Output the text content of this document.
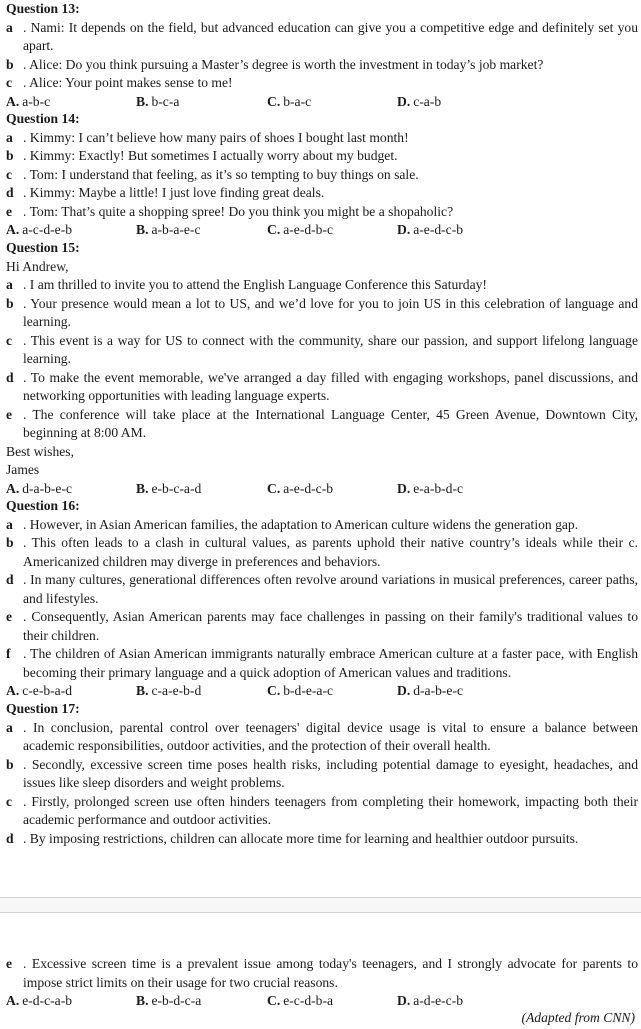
Question 13:
a . Nami: It depends on the field, but advanced education can give you a competitive edge and definitely set you apart.
b . Alice: Do you think pursuing a Master’s degree is worth the investment in today’s job market?
c . Alice: Your point makes sense to me!
A. a-b-c	B. b-c-a	C. b-a-c	D. c-a-b
Question 14:
a . Kimmy: I can’t believe how many pairs of shoes I bought last month!
b . Kimmy: Exactly! But sometimes I actually worry about my budget.
c . Tom: I understand that feeling, as it’s so tempting to buy things on sale.
d . Kimmy: Maybe a little! I just love finding great deals.
e . Tom: That’s quite a shopping spree! Do you think you might be a shopaholic?
A. a-c-d-e-b	B. a-b-a-e-c	C. a-e-d-b-c	D. a-e-d-c-b
Question 15:
Hi Andrew,
a . I am thrilled to invite you to attend the English Language Conference this Saturday!
b . Your presence would mean a lot to US, and we’d love for you to join US in this celebration of language and learning.
c . This event is a way for US to connect with the community, share our passion, and support lifelong language learning.
d . To make the event memorable, we've arranged a day filled with engaging workshops, panel discussions, and networking opportunities with leading language experts.
e . The conference will take place at the International Language Center, 45 Green Avenue, Downtown City, beginning at 8:00 AM.
Best wishes,
James
A. d-a-b-e-c	B. e-b-c-a-d	C. a-e-d-c-b	D. e-a-b-d-c
Question 16:
a . However, in Asian American families, the adaptation to American culture widens the generation gap.
b . This often leads to a clash in cultural values, as parents uphold their native country’s ideals while their c. Americanized children may diverge in preferences and behaviors.
d . In many cultures, generational differences often revolve around variations in musical preferences, career paths, and lifestyles.
e . Consequently, Asian American parents may face challenges in passing on their family's traditional values to their children.
f . The children of Asian American immigrants naturally embrace American culture at a faster pace, with English becoming their primary language and a quick adoption of American values and traditions.
A. c-e-b-a-d	B. c-a-e-b-d	C. b-d-e-a-c	D. d-a-b-e-c
Question 17:
a . In conclusion, parental control over teenagers' digital device usage is vital to ensure a balance between academic responsibilities, outdoor activities, and the protection of their overall health.
b . Secondly, excessive screen time poses health risks, including potential damage to eyesight, headaches, and issues like sleep disorders and weight problems.
c . Firstly, prolonged screen use often hinders teenagers from completing their homework, impacting both their academic performance and outdoor activities.
d . By imposing restrictions, children can allocate more time for learning and healthier outdoor pursuits.
e . Excessive screen time is a prevalent issue among today's teenagers, and I strongly advocate for parents to impose strict limits on their usage for two crucial reasons.
A. e-d-c-a-b	B. e-b-d-c-a	C. e-c-d-b-a	D. a-d-e-c-b
(Adapted from CNN)
